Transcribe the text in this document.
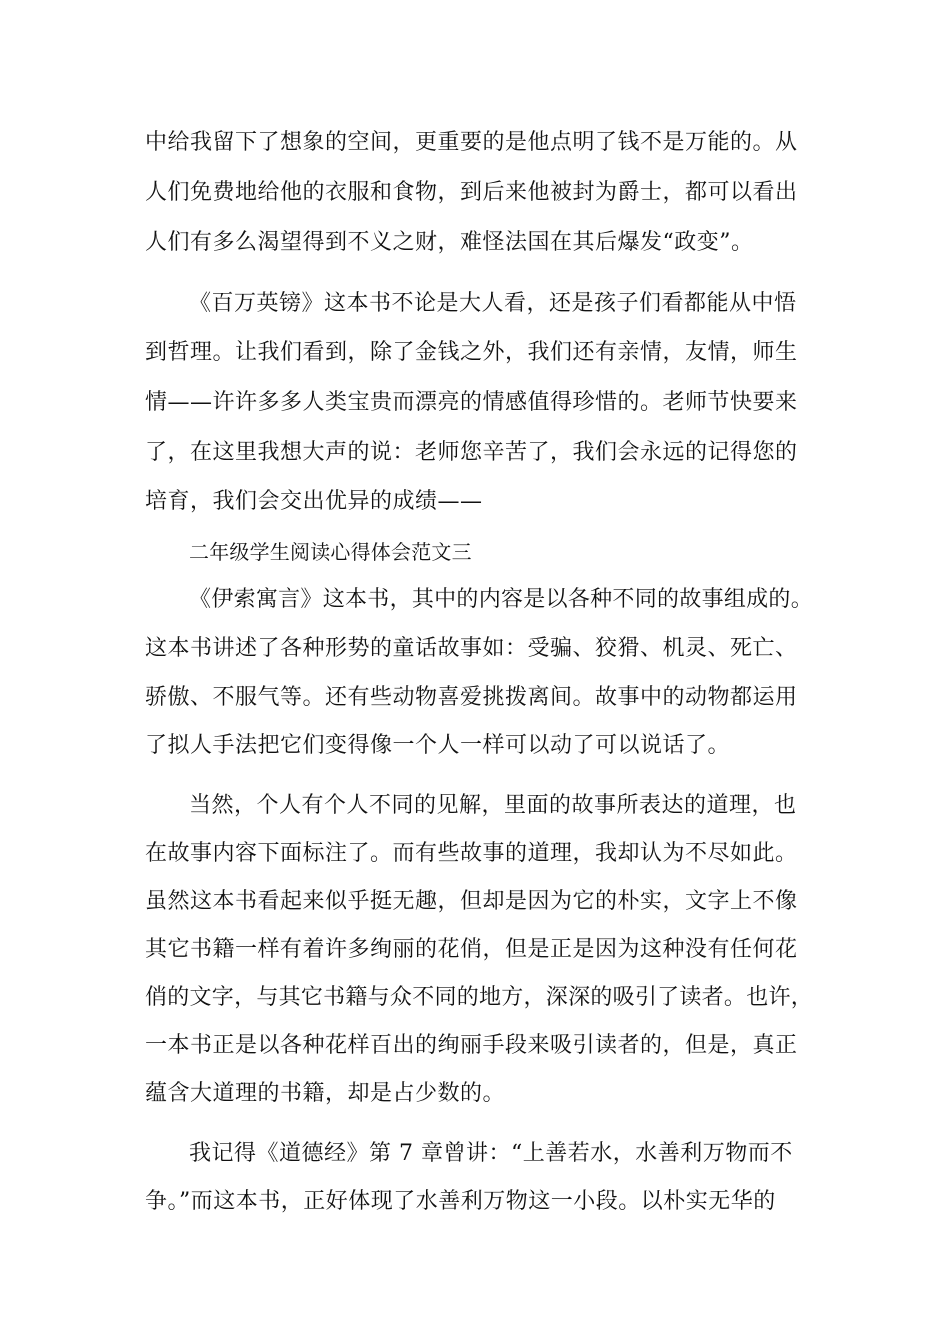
中给我留下了想象的空间，更重要的是他点明了钱不是万能的。从
人们免费地给他的衣服和食物，到后来他被封为爵士，都可以看出
人们有多么渴望得到不义之财，难怪法国在其后爆发“政变”。
《百万英镑》这本书不论是大人看，还是孩子们看都能从中悟
到哲理。让我们看到，除了金钱之外，我们还有亲情，友情，师生
情——许许多多人类宝贵而漂亮的情感值得珍惜的。老师节快要来
了，在这里我想大声的说：老师您辛苦了，我们会永远的记得您的
培育，我们会交出优异的成绩——
二年级学生阅读心得体会范文三
《伊索寓言》这本书，其中的内容是以各种不同的故事组成的。
这本书讲述了各种形势的童话故事如：受骗、狡猾、机灵、死亡、
骄傲、不服气等。还有些动物喜爱挑拨离间。故事中的动物都运用
了拟人手法把它们变得像一个人一样可以动了可以说话了。
当然，个人有个人不同的见解，里面的故事所表达的道理，也
在故事内容下面标注了。而有些故事的道理，我却认为不尽如此。
虽然这本书看起来似乎挺无趣，但却是因为它的朴实，文字上不像
其它书籍一样有着许多绚丽的花俏，但是正是因为这种没有任何花
俏的文字，与其它书籍与众不同的地方，深深的吸引了读者。也许，
一本书正是以各种花样百出的绚丽手段来吸引读者的，但是，真正
蕴含大道理的书籍，却是占少数的。
我记得《道德经》第 7 章曾讲：“上善若水，水善利万物而不
争。”而这本书，正好体现了水善利万物这一小段。以朴实无华的
